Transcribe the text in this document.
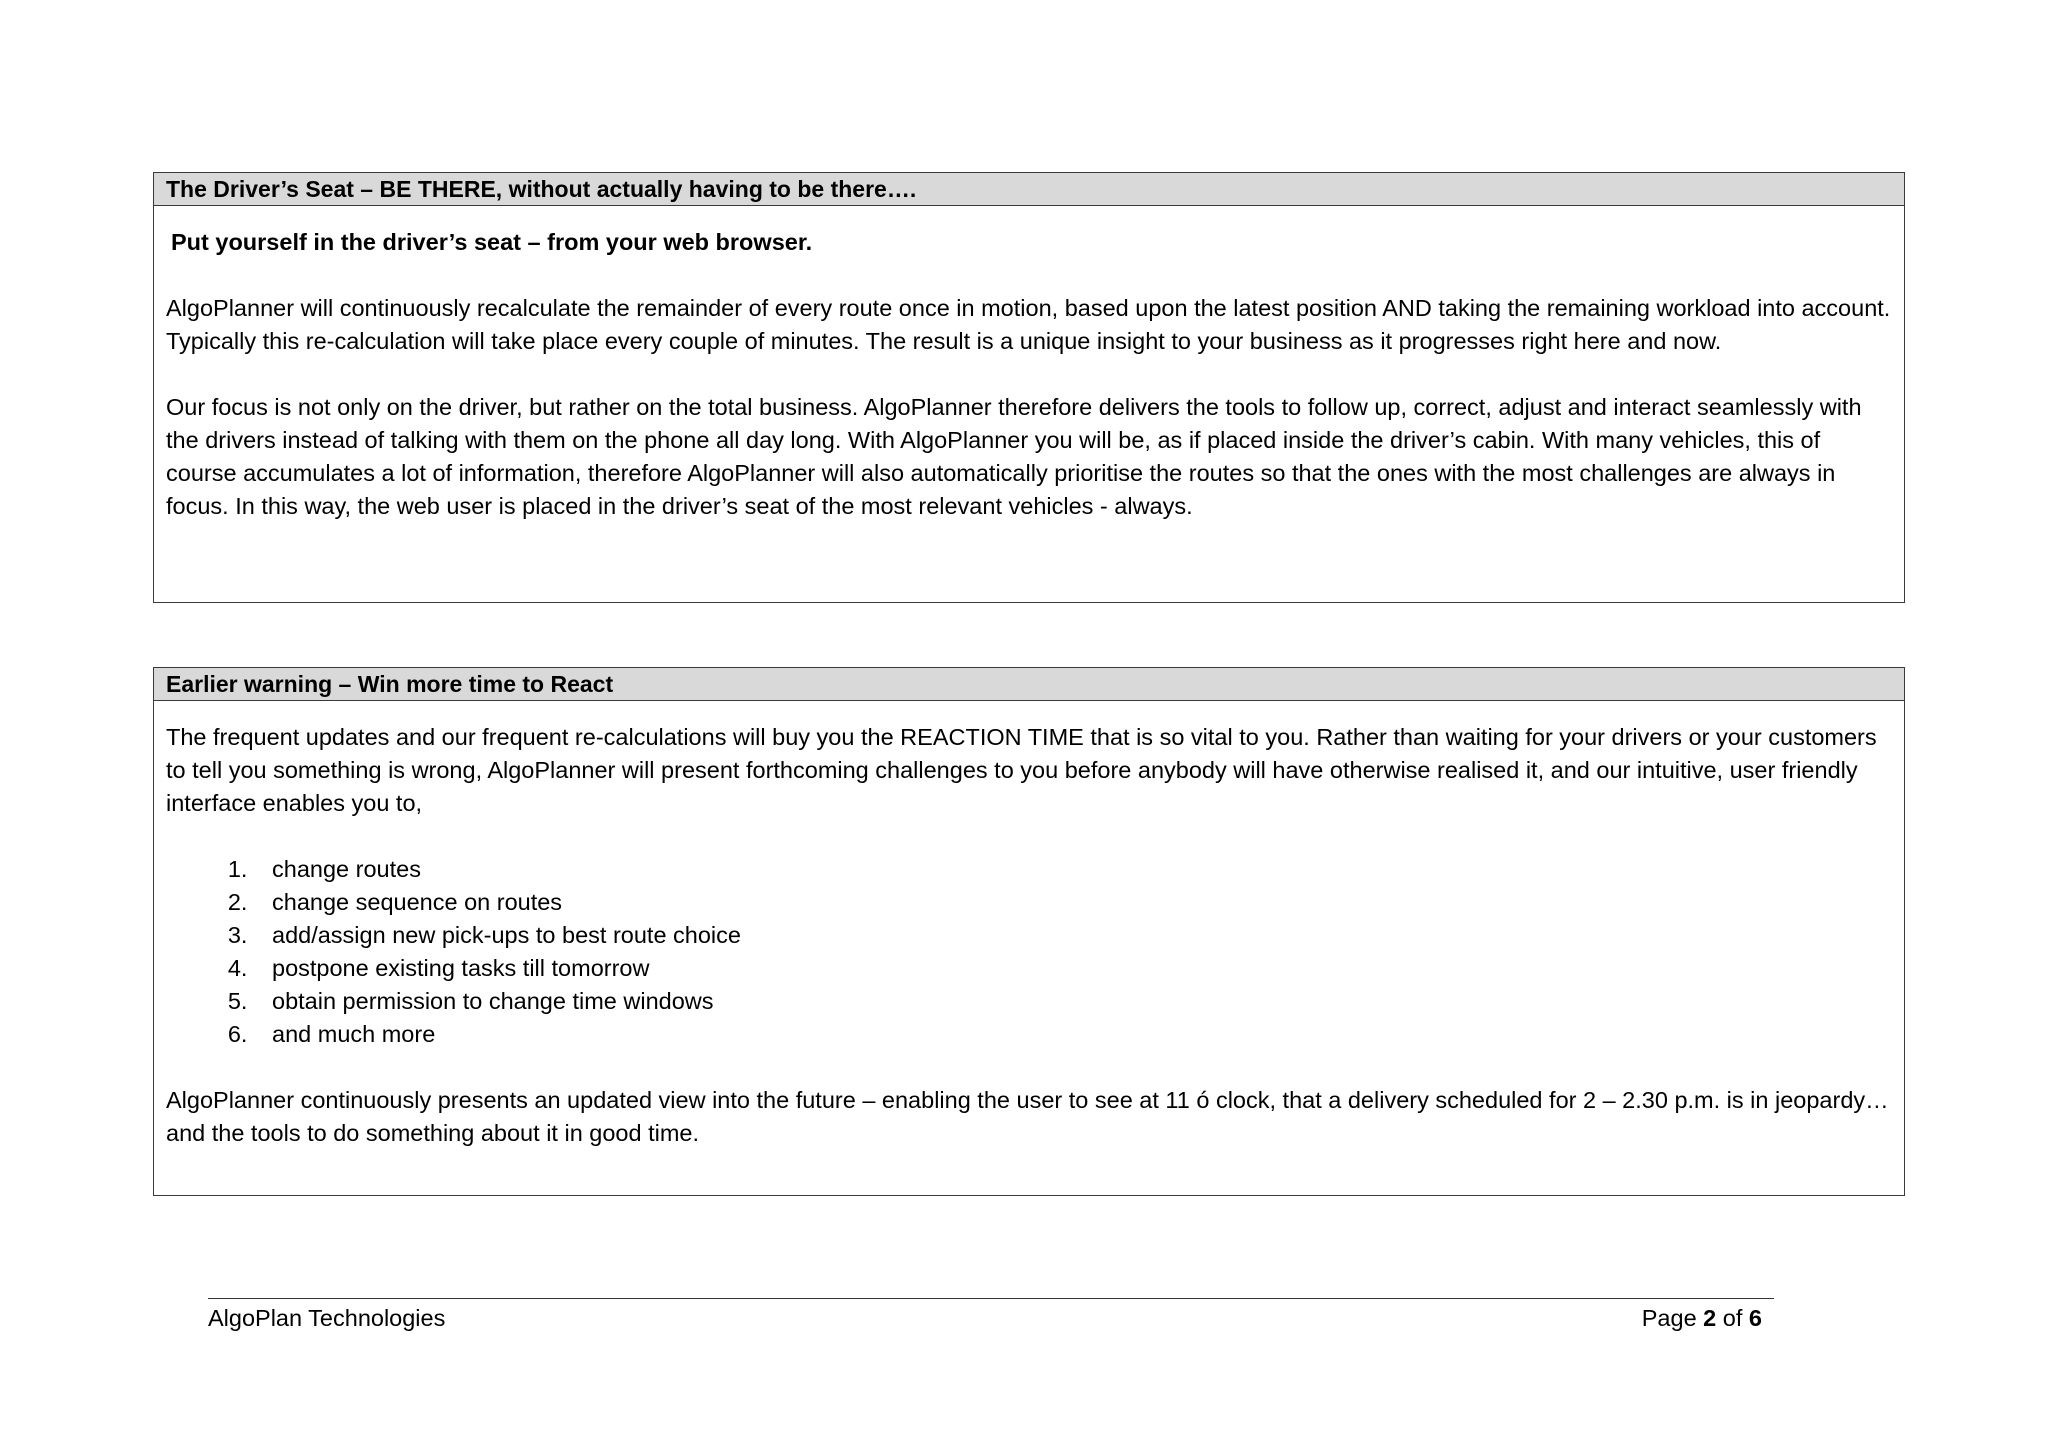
The Driver’s Seat – BE THERE, without actually having to be there….

Put yourself in the driver’s seat – from your web browser.

AlgoPlanner will continuously recalculate the remainder of every route once in motion, based upon the latest position AND taking the remaining workload into account. Typically this re-calculation will take place every couple of minutes. The result is a unique insight to your business as it progresses right here and now.

Our focus is not only on the driver, but rather on the total business. AlgoPlanner therefore delivers the tools to follow up, correct, adjust and interact seamlessly with the drivers instead of talking with them on the phone all day long. With AlgoPlanner you will be, as if placed inside the driver’s cabin. With many vehicles, this of course accumulates a lot of information, therefore AlgoPlanner will also automatically prioritise the routes so that the ones with the most challenges are always in focus. In this way, the web user is placed in the driver’s seat of the most relevant vehicles - always.

Earlier warning – Win more time to React

The frequent updates and our frequent re-calculations will buy you the REACTION TIME that is so vital to you. Rather than waiting for your drivers or your customers to tell you something is wrong, AlgoPlanner will present forthcoming challenges to you before anybody will have otherwise realised it, and our intuitive, user friendly interface enables you to,

1. change routes
2. change sequence on routes
3. add/assign new pick-ups to best route choice
4. postpone existing tasks till tomorrow
5. obtain permission to change time windows
6. and much more

AlgoPlanner continuously presents an updated view into the future – enabling the user to see at 11 ó clock, that a delivery scheduled for 2 – 2.30 p.m. is in jeopardy… and the tools to do something about it in good time.

AlgoPlan Technologies	Page 2 of 6
